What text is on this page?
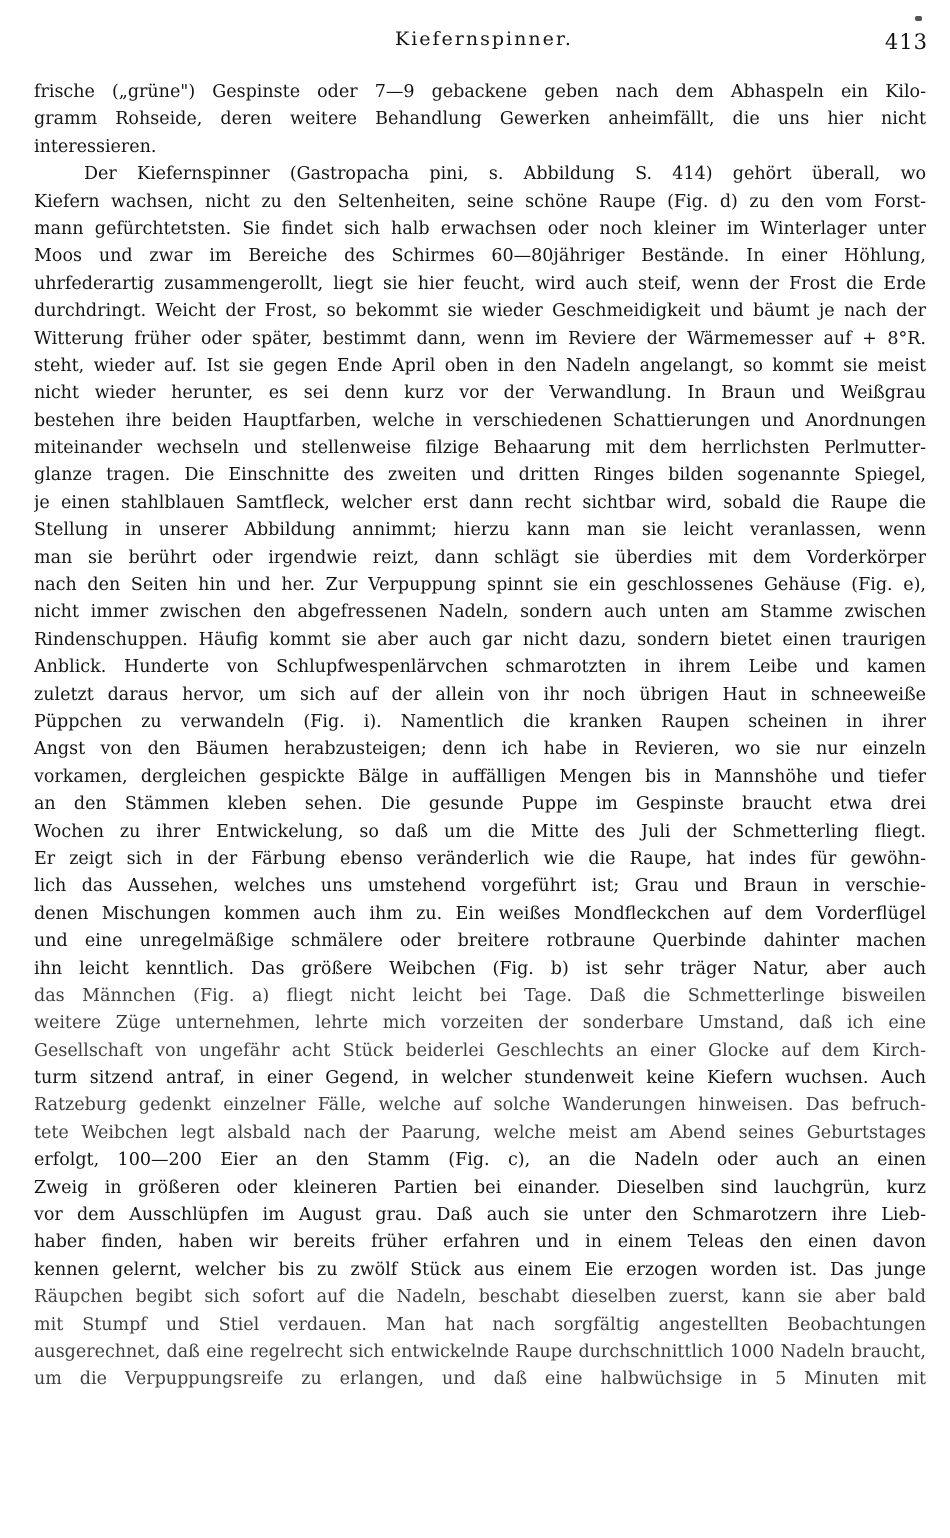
Kiefernspinner.	413
frische („grüne") Gespinste oder 7—9 gebackene geben nach dem Abhaspeln ein Kilo-
gramm Rohseide, deren weitere Behandlung Gewerken anheimfällt, die uns hier nicht
interessieren.
Der Kiefernspinner (Gastropacha pini, s. Abbildung S. 414) gehört überall, wo
Kiefern wachsen, nicht zu den Seltenheiten, seine schöne Raupe (Fig. d) zu den vom Forst-
mann gefürchtetsten. Sie findet sich halb erwachsen oder noch kleiner im Winterlager unter
Moos und zwar im Bereiche des Schirmes 60—80jähriger Bestände. In einer Höhlung,
uhrfederartig zusammengerollt, liegt sie hier feucht, wird auch steif, wenn der Frost die Erde
durchdringt. Weicht der Frost, so bekommt sie wieder Geschmeidigkeit und bäumt je nach der
Witterung früher oder später, bestimmt dann, wenn im Reviere der Wärmemesser auf + 8°R.
steht, wieder auf. Ist sie gegen Ende April oben in den Nadeln angelangt, so kommt sie meist
nicht wieder herunter, es sei denn kurz vor der Verwandlung. In Braun und Weißgrau
bestehen ihre beiden Hauptfarben, welche in verschiedenen Schattierungen und Anordnungen
miteinander wechseln und stellenweise filzige Behaarung mit dem herrlichsten Perlmutter-
glanze tragen. Die Einschnitte des zweiten und dritten Ringes bilden sogenannte Spiegel,
je einen stahlblauen Samtfleck, welcher erst dann recht sichtbar wird, sobald die Raupe die
Stellung in unserer Abbildung annimmt; hierzu kann man sie leicht veranlassen, wenn
man sie berührt oder irgendwie reizt, dann schlägt sie überdies mit dem Vorderkörper
nach den Seiten hin und her. Zur Verpuppung spinnt sie ein geschlossenes Gehäuse (Fig. e),
nicht immer zwischen den abgefressenen Nadeln, sondern auch unten am Stamme zwischen
Rindenschuppen. Häufig kommt sie aber auch gar nicht dazu, sondern bietet einen traurigen
Anblick. Hunderte von Schlupfwespenlärvchen schmarotzten in ihrem Leibe und kamen
zuletzt daraus hervor, um sich auf der allein von ihr noch übrigen Haut in schneeweiße
Püppchen zu verwandeln (Fig. i). Namentlich die kranken Raupen scheinen in ihrer
Angst von den Bäumen herabzusteigen; denn ich habe in Revieren, wo sie nur einzeln
vorkamen, dergleichen gespickte Bälge in auffälligen Mengen bis in Mannshöhe und tiefer
an den Stämmen kleben sehen. Die gesunde Puppe im Gespinste braucht etwa drei
Wochen zu ihrer Entwickelung, so daß um die Mitte des Juli der Schmetterling fliegt.
Er zeigt sich in der Färbung ebenso veränderlich wie die Raupe, hat indes für gewöhn-
lich das Aussehen, welches uns umstehend vorgeführt ist; Grau und Braun in verschie-
denen Mischungen kommen auch ihm zu. Ein weißes Mondfleckchen auf dem Vorderflügel
und eine unregelmäßige schmälere oder breitere rotbraune Querbinde dahinter machen
ihn leicht kenntlich. Das größere Weibchen (Fig. b) ist sehr träger Natur, aber auch
das Männchen (Fig. a) fliegt nicht leicht bei Tage. Daß die Schmetterlinge bisweilen
weitere Züge unternehmen, lehrte mich vorzeiten der sonderbare Umstand, daß ich eine
Gesellschaft von ungefähr acht Stück beiderlei Geschlechts an einer Glocke auf dem Kirch-
turm sitzend antraf, in einer Gegend, in welcher stundenweit keine Kiefern wuchsen. Auch
Ratzeburg gedenkt einzelner Fälle, welche auf solche Wanderungen hinweisen. Das befruch-
tete Weibchen legt alsbald nach der Paarung, welche meist am Abend seines Geburtstages
erfolgt, 100—200 Eier an den Stamm (Fig. c), an die Nadeln oder auch an einen
Zweig in größeren oder kleineren Partien bei einander. Dieselben sind lauchgrün, kurz
vor dem Ausschlüpfen im August grau. Daß auch sie unter den Schmarotzern ihre Lieb-
haber finden, haben wir bereits früher erfahren und in einem Teleas den einen davon
kennen gelernt, welcher bis zu zwölf Stück aus einem Eie erzogen worden ist. Das junge
Räupchen begibt sich sofort auf die Nadeln, beschabt dieselben zuerst, kann sie aber bald
mit Stumpf und Stiel verdauen. Man hat nach sorgfältig angestellten Beobachtungen
ausgerechnet, daß eine regelrecht sich entwickelnde Raupe durchschnittlich 1000 Nadeln braucht,
um die Verpuppungsreife zu erlangen, und daß eine halbwüchsige in 5 Minuten mit
